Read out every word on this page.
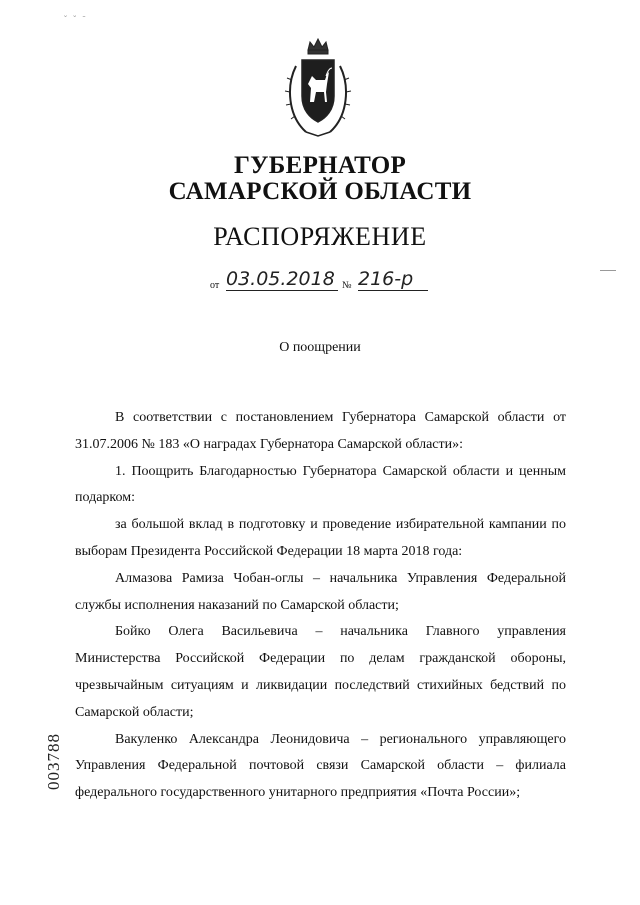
˘ ˘ ¨
ГУБЕРНАТОР
САМАРСКОЙ ОБЛАСТИ
РАСПОРЯЖЕНИЕ
от 03.05.2018 № 216-р
О поощрении

В соответствии с постановлением Губернатора Самарской области от 31.07.2006 № 183 «О наградах Губернатора Самарской области»:

1. Поощрить Благодарностью Губернатора Самарской области и ценным подарком:

за большой вклад в подготовку и проведение избирательной кампании по выборам Президента Российской Федерации 18 марта 2018 года:

Алмазова Рамиза Чобан-оглы – начальника Управления Федеральной службы исполнения наказаний по Самарской области;

Бойко Олега Васильевича – начальника Главного управления Министерства Российской Федерации по делам гражданской обороны, чрезвычайным ситуациям и ликвидации последствий стихийных бедствий по Самарской области;

Вакуленко Александра Леонидовича – регионального управляющего Управления Федеральной почтовой связи Самарской области – филиала федерального государственного унитарного предприятия «Почта России»;

003788
